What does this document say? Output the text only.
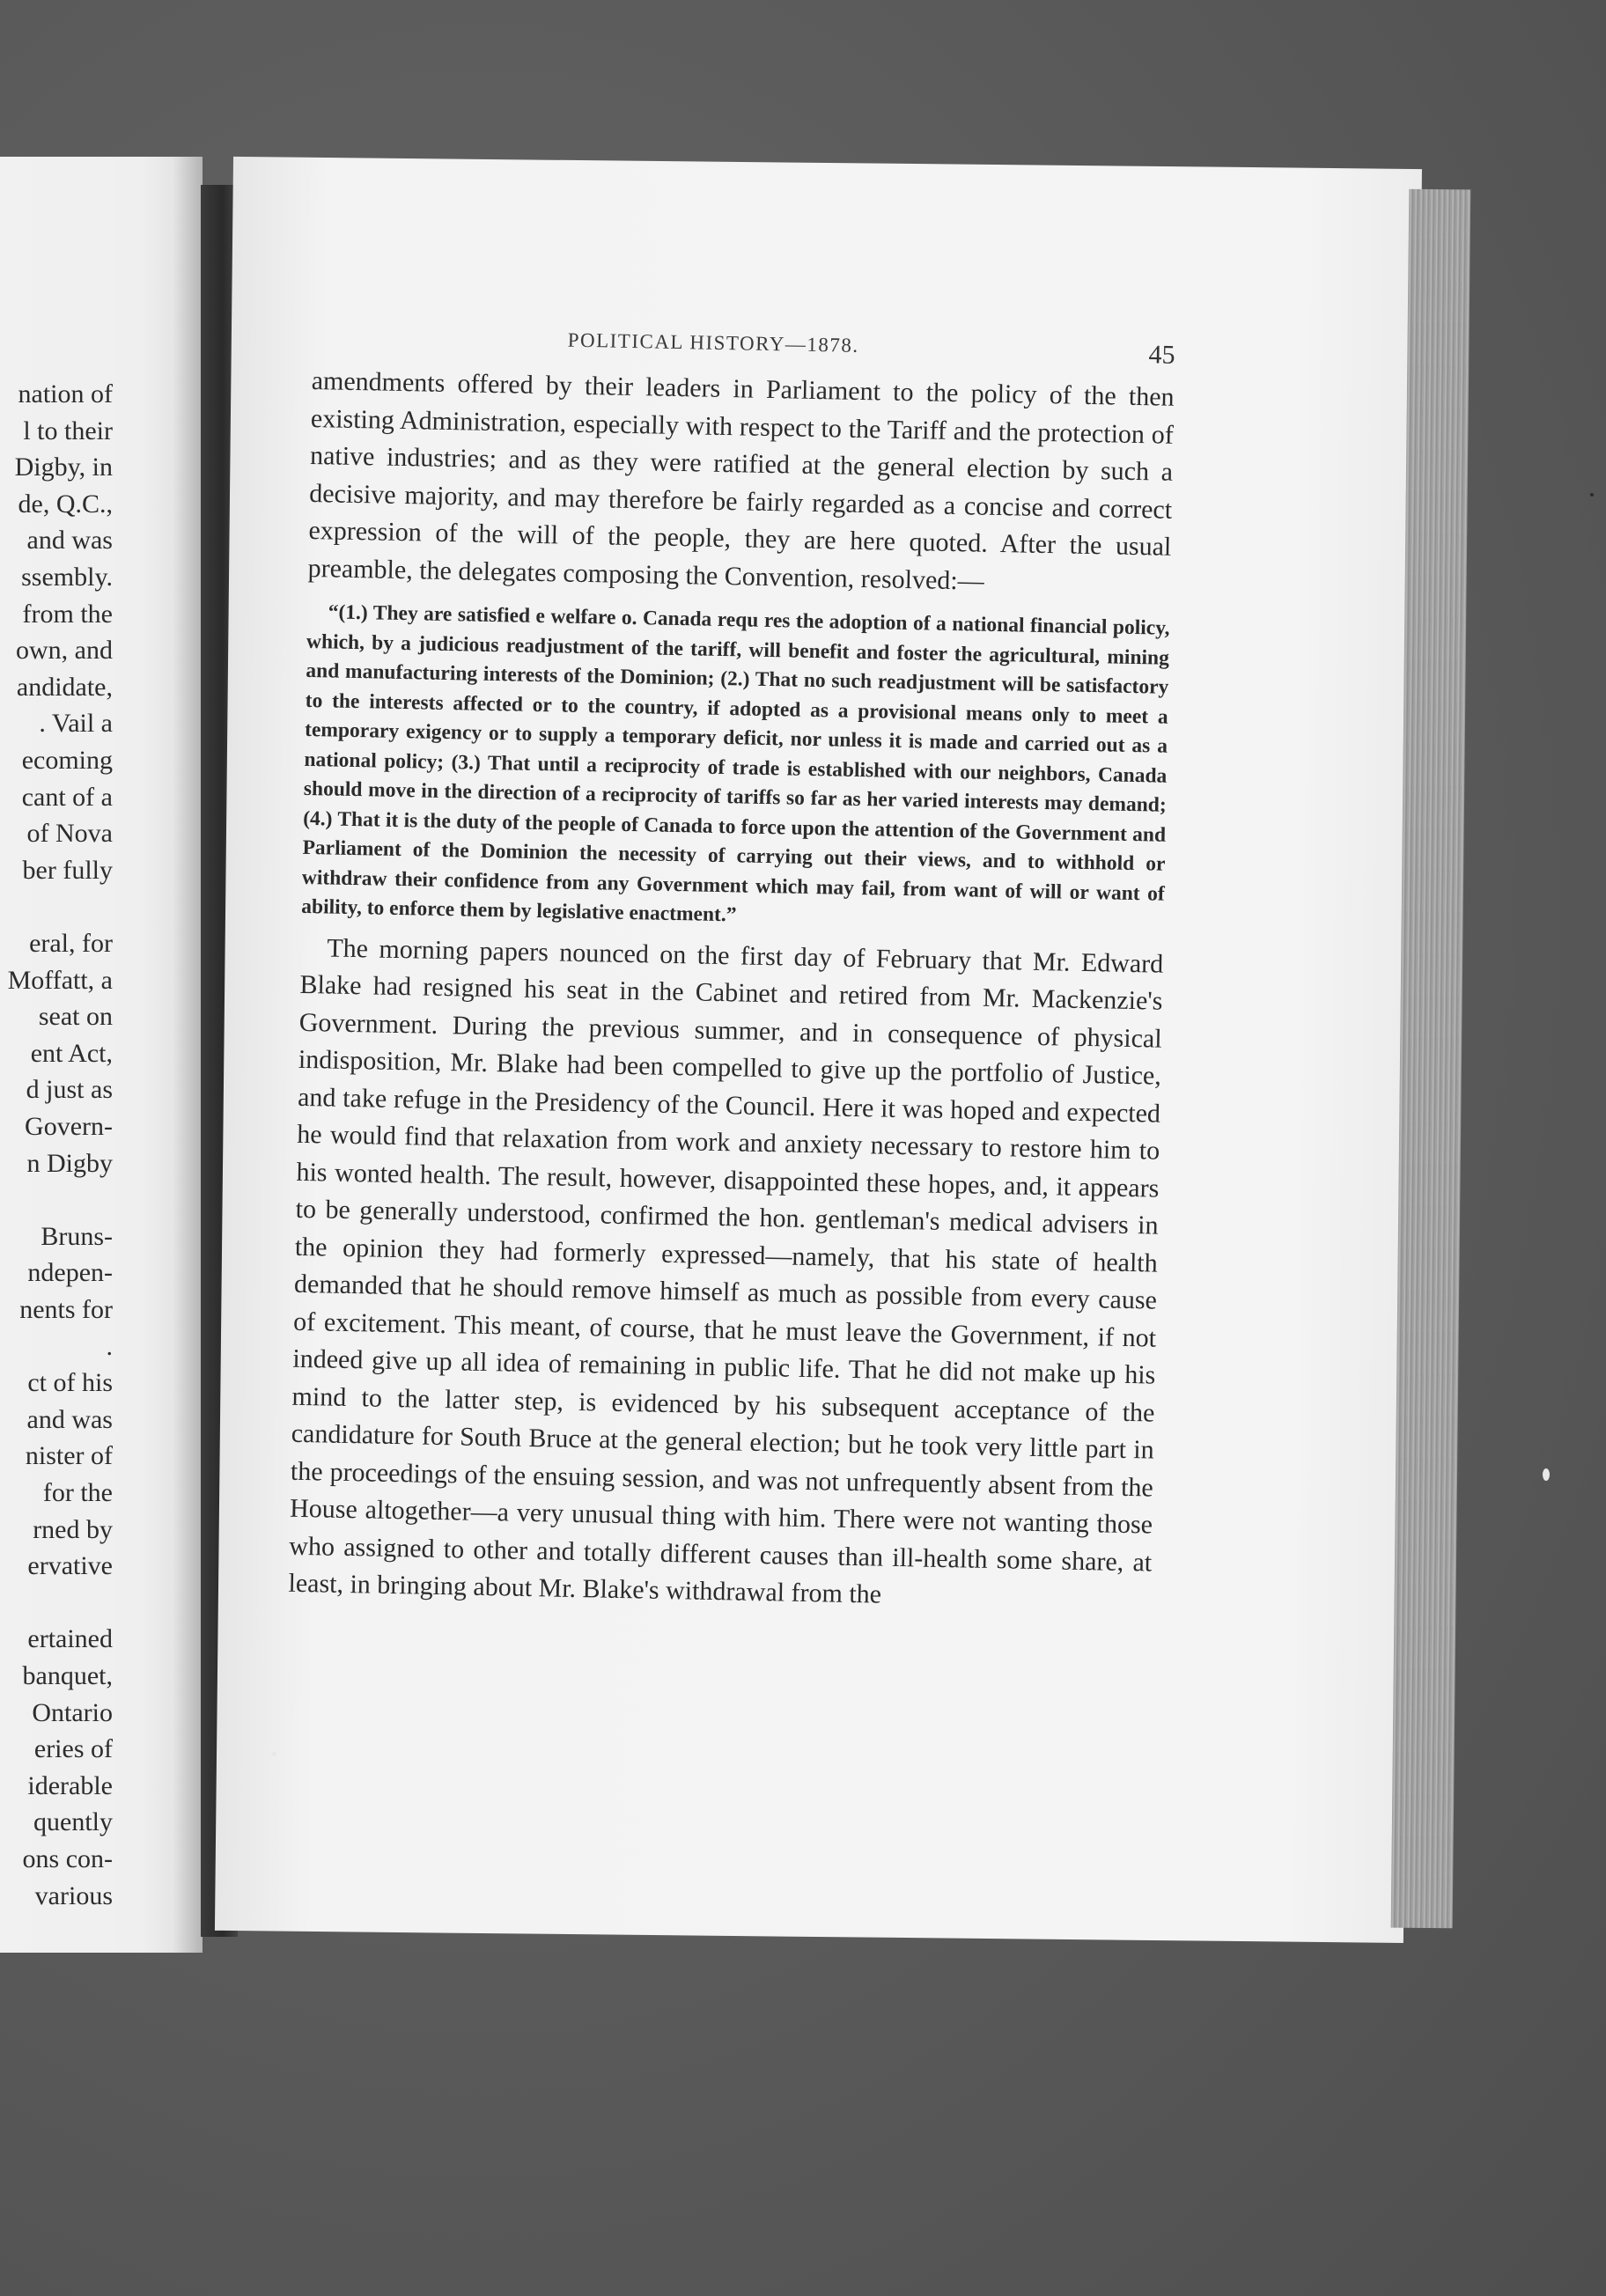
nation of
l to their
Digby, in
de, Q.C.,
and was
ssembly.
from the
own, and
andidate,
. Vail a
ecoming
cant of a
of Nova
ber fully
eral, for
Moffatt, a
seat on
ent Act,
d just as
Govern-
n Digby
Bruns-
ndepen-
nents for
.
ct of his
and was
nister of
for the
rned by
ervative
ertained
banquet,
Ontario
eries of
iderable
quently
ons con-
various
POLITICAL HISTORY—1878.	45

amendments offered by their leaders in Parliament to the policy of the then existing Administration, especially with respect to the Tariff and the protection of native industries; and as they were ratified at the general election by such a decisive majority, and may therefore be fairly regarded as a concise and correct expression of the will of the people, they are here quoted. After the usual preamble, the delegates composing the Convention, resolved:—

“(1.) They are satisfied e welfare o. Canada requ res the adoption of a national financial policy, which, by a judicious readjustment of the tariff, will benefit and foster the agricultural, mining and manufacturing interests of the Dominion; (2.) That no such readjustment will be satisfactory to the interests affected or to the country, if adopted as a provisional means only to meet a temporary exigency or to supply a temporary deficit, nor unless it is made and carried out as a national policy; (3.) That until a reciprocity of trade is established with our neighbors, Canada should move in the direction of a reciprocity of tariffs so far as her varied interests may demand; (4.) That it is the duty of the people of Canada to force upon the attention of the Government and Parliament of the Dominion the necessity of carrying out their views, and to withhold or withdraw their confidence from any Government which may fail, from want of will or want of ability, to enforce them by legislative enactment.”

The morning papers nounced on the first day of February that Mr. Edward Blake had resigned his seat in the Cabinet and retired from Mr. Mackenzie's Government. During the previous summer, and in consequence of physical indisposition, Mr. Blake had been compelled to give up the portfolio of Justice, and take refuge in the Presidency of the Council. Here it was hoped and expected he would find that relaxation from work and anxiety necessary to restore him to his wonted health. The result, however, disappointed these hopes, and, it appears to be generally understood, confirmed the hon. gentleman's medical advisers in the opinion they had formerly expressed—namely, that his state of health demanded that he should remove himself as much as possible from every cause of excitement. This meant, of course, that he must leave the Government, if not indeed give up all idea of remaining in public life. That he did not make up his mind to the latter step, is evidenced by his subsequent acceptance of the candidature for South Bruce at the general election; but he took very little part in the proceedings of the ensuing session, and was not unfrequently absent from the House altogether—a very unusual thing with him. There were not wanting those who assigned to other and totally different causes than ill-health some share, at least, in bringing about Mr. Blake's withdrawal from the
